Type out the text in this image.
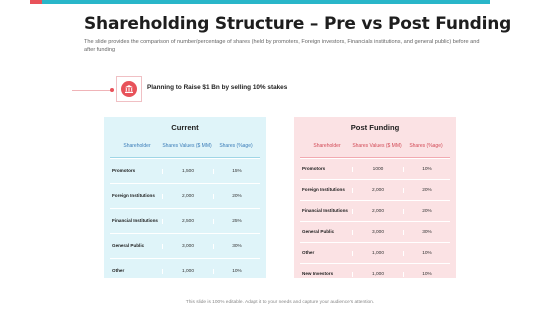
Shareholding Structure – Pre vs Post Funding
The slide provides the comparison of number/percentage of shares (held by promoters, Foreign investors, Financials institutions, and general public) before and after funding
Planning to Raise $1 Bn by selling 10% stakes
Current
Shareholder	Shares Values ($ MM)	Shares (%age)
Promotors	1,500	15%
Foreign Institutions	2,000	20%
Financial Institutions	2,500	25%
General Public	3,000	30%
Other	1,000	10%
Post Funding
Shareholder	Shares Values ($ MM)	Shares (%age)
Promotors	1000	10%
Foreign Institutions	2,000	20%
Financial Institutions	2,000	20%
General Public	3,000	30%
Other	1,000	10%
New Investors	1,000	10%
This slide is 100% editable. Adapt it to your needs and capture your audience's attention.
